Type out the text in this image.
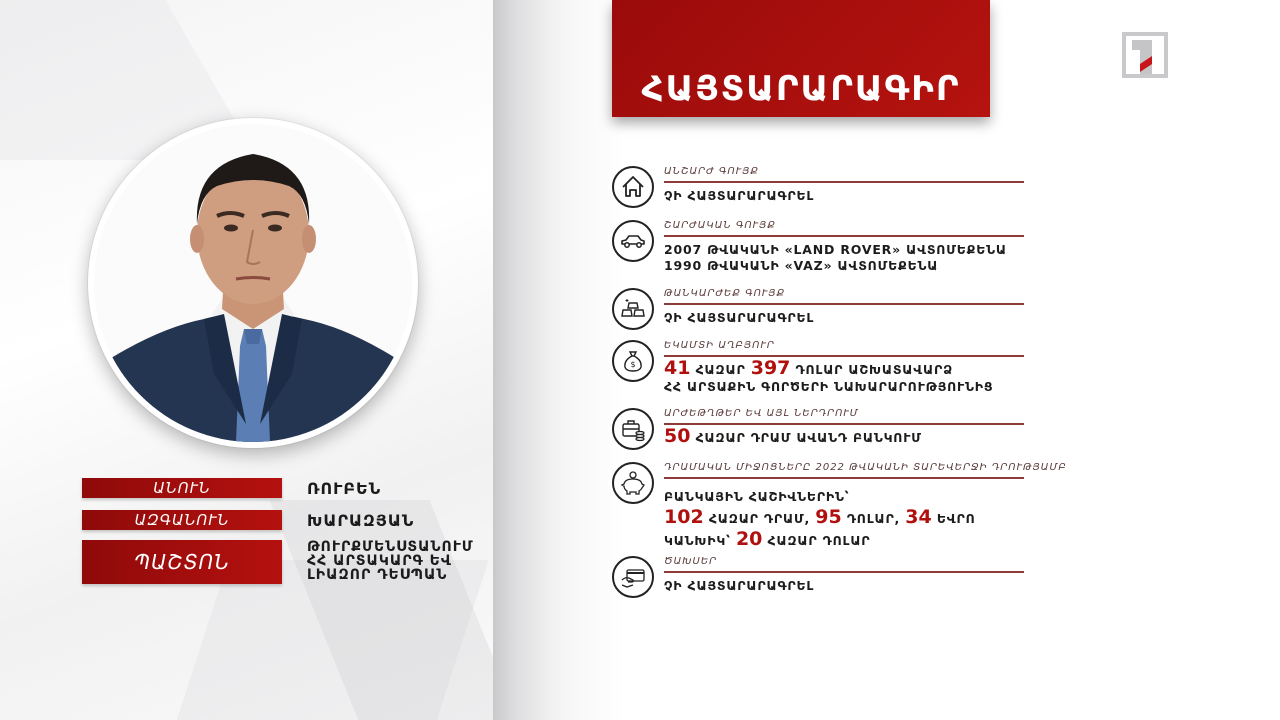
ԱՆՈՒՆ	ՌՈՒԲԵՆ
ԱԶԳԱՆՈՒՆ	ԽԱՐԱԶՅԱՆ
ՊԱՇՏՈՆ
ԹՈՒՐՔՄԵՆՍՏԱՆՈՒՄ
ՀՀ ԱՐՏԱԿԱՐԳ ԵՎ
ԼԻԱԶՈՐ ԴԵՍՊԱՆ
ՀԱՅՏԱՐԱՐԱԳԻՐ
ԱՆՇԱՐԺ ԳՈՒՅՔ
ՉԻ ՀԱՅՏԱՐԱՐԱԳՐԵԼ
ՇԱՐԺԱԿԱՆ ԳՈՒՅՔ
2007 ԹՎԱԿԱՆԻ «LAND ROVER» ԱՎՏՈՄԵՔԵՆԱ
1990 ԹՎԱԿԱՆԻ «VAZ» ԱՎՏՈՄԵՔԵՆԱ
ԹԱՆԿԱՐԺԵՔ ԳՈՒՅՔ
ՉԻ ՀԱՅՏԱՐԱՐԱԳՐԵԼ
$
ԵԿԱՄՏԻ ԱՂԲՅՈՒՐ
41 ՀԱԶԱՐ 397 ԴՈԼԱՐ ԱՇԽԱՏԱՎԱՐՁ
ՀՀ ԱՐՏԱՔԻՆ ԳՈՐԾԵՐԻ ՆԱԽԱՐԱՐՈՒԹՅՈՒՆԻՑ
ԱՐԺԵԹՂԹԵՐ ԵՎ ԱՅԼ ՆԵՐԴՐՈՒՄ
50 ՀԱԶԱՐ ԴՐԱՄ ԱՎԱՆԴ ԲԱՆԿՈՒՄ
ԴՐԱՄԱԿԱՆ ՄԻՋՈՑՆԵՐԸ 2022 ԹՎԱԿԱՆԻ ՏԱՐԵՎԵՐՋԻ ԴՐՈՒԹՅԱՄԲ
ԲԱՆԿԱՅԻՆ ՀԱՇԻՎՆԵՐԻՆ՝
102 ՀԱԶԱՐ ԴՐԱՄ, 95 ԴՈԼԱՐ, 34 ԵՎՐՈ
ԿԱՆԽԻԿ՝ 20 ՀԱԶԱՐ ԴՈԼԱՐ
ԾԱԽՍԵՐ
ՉԻ ՀԱՅՏԱՐԱՐԱԳՐԵԼ
